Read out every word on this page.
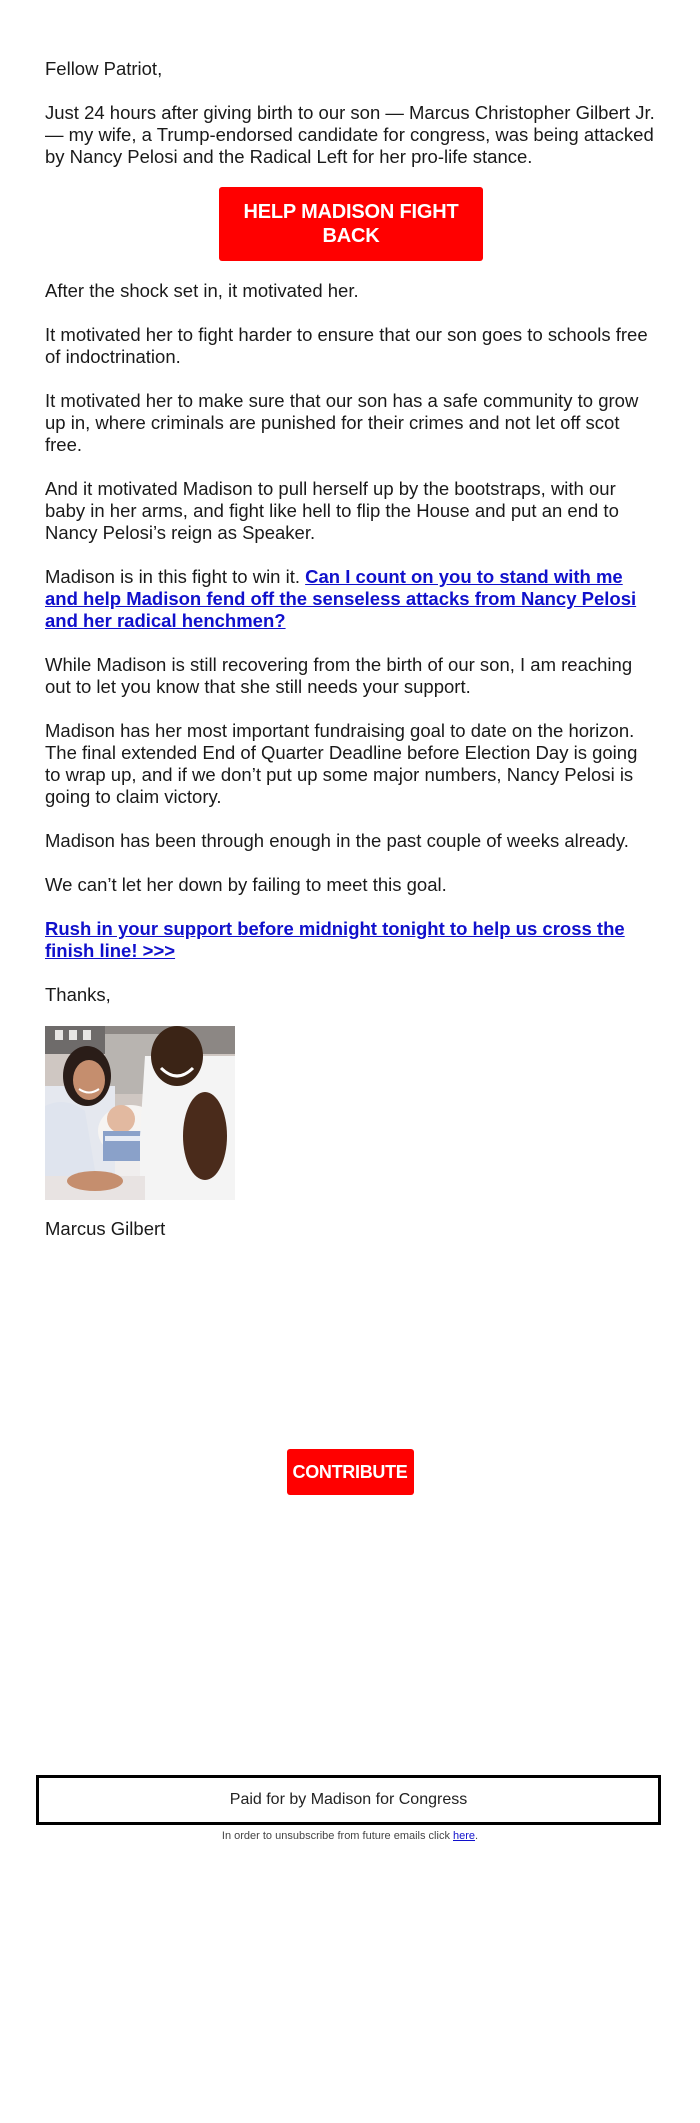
Fellow Patriot,

Just 24 hours after giving birth to our son — Marcus Christopher Gilbert Jr. — my wife, a Trump-endorsed candidate for congress, was being attacked by Nancy Pelosi and the Radical Left for her pro-life stance.

HELP MADISON FIGHT BACK

After the shock set in, it motivated her.

It motivated her to fight harder to ensure that our son goes to schools free of indoctrination.

It motivated her to make sure that our son has a safe community to grow up in, where criminals are punished for their crimes and not let off scot free.

And it motivated Madison to pull herself up by the bootstraps, with our baby in her arms, and fight like hell to flip the House and put an end to Nancy Pelosi’s reign as Speaker.

Madison is in this fight to win it. Can I count on you to stand with me and help Madison fend off the senseless attacks from Nancy Pelosi and her radical henchmen?

While Madison is still recovering from the birth of our son, I am reaching out to let you know that she still needs your support.

Madison has her most important fundraising goal to date on the horizon. The final extended End of Quarter Deadline before Election Day is going to wrap up, and if we don’t put up some major numbers, Nancy Pelosi is going to claim victory.

Madison has been through enough in the past couple of weeks already.

We can’t let her down by failing to meet this goal.

Rush in your support before midnight tonight to help us cross the finish line! >>>

Thanks,

Marcus Gilbert

CONTRIBUTE
Paid for by Madison for Congress
In order to unsubscribe from future emails click here.
